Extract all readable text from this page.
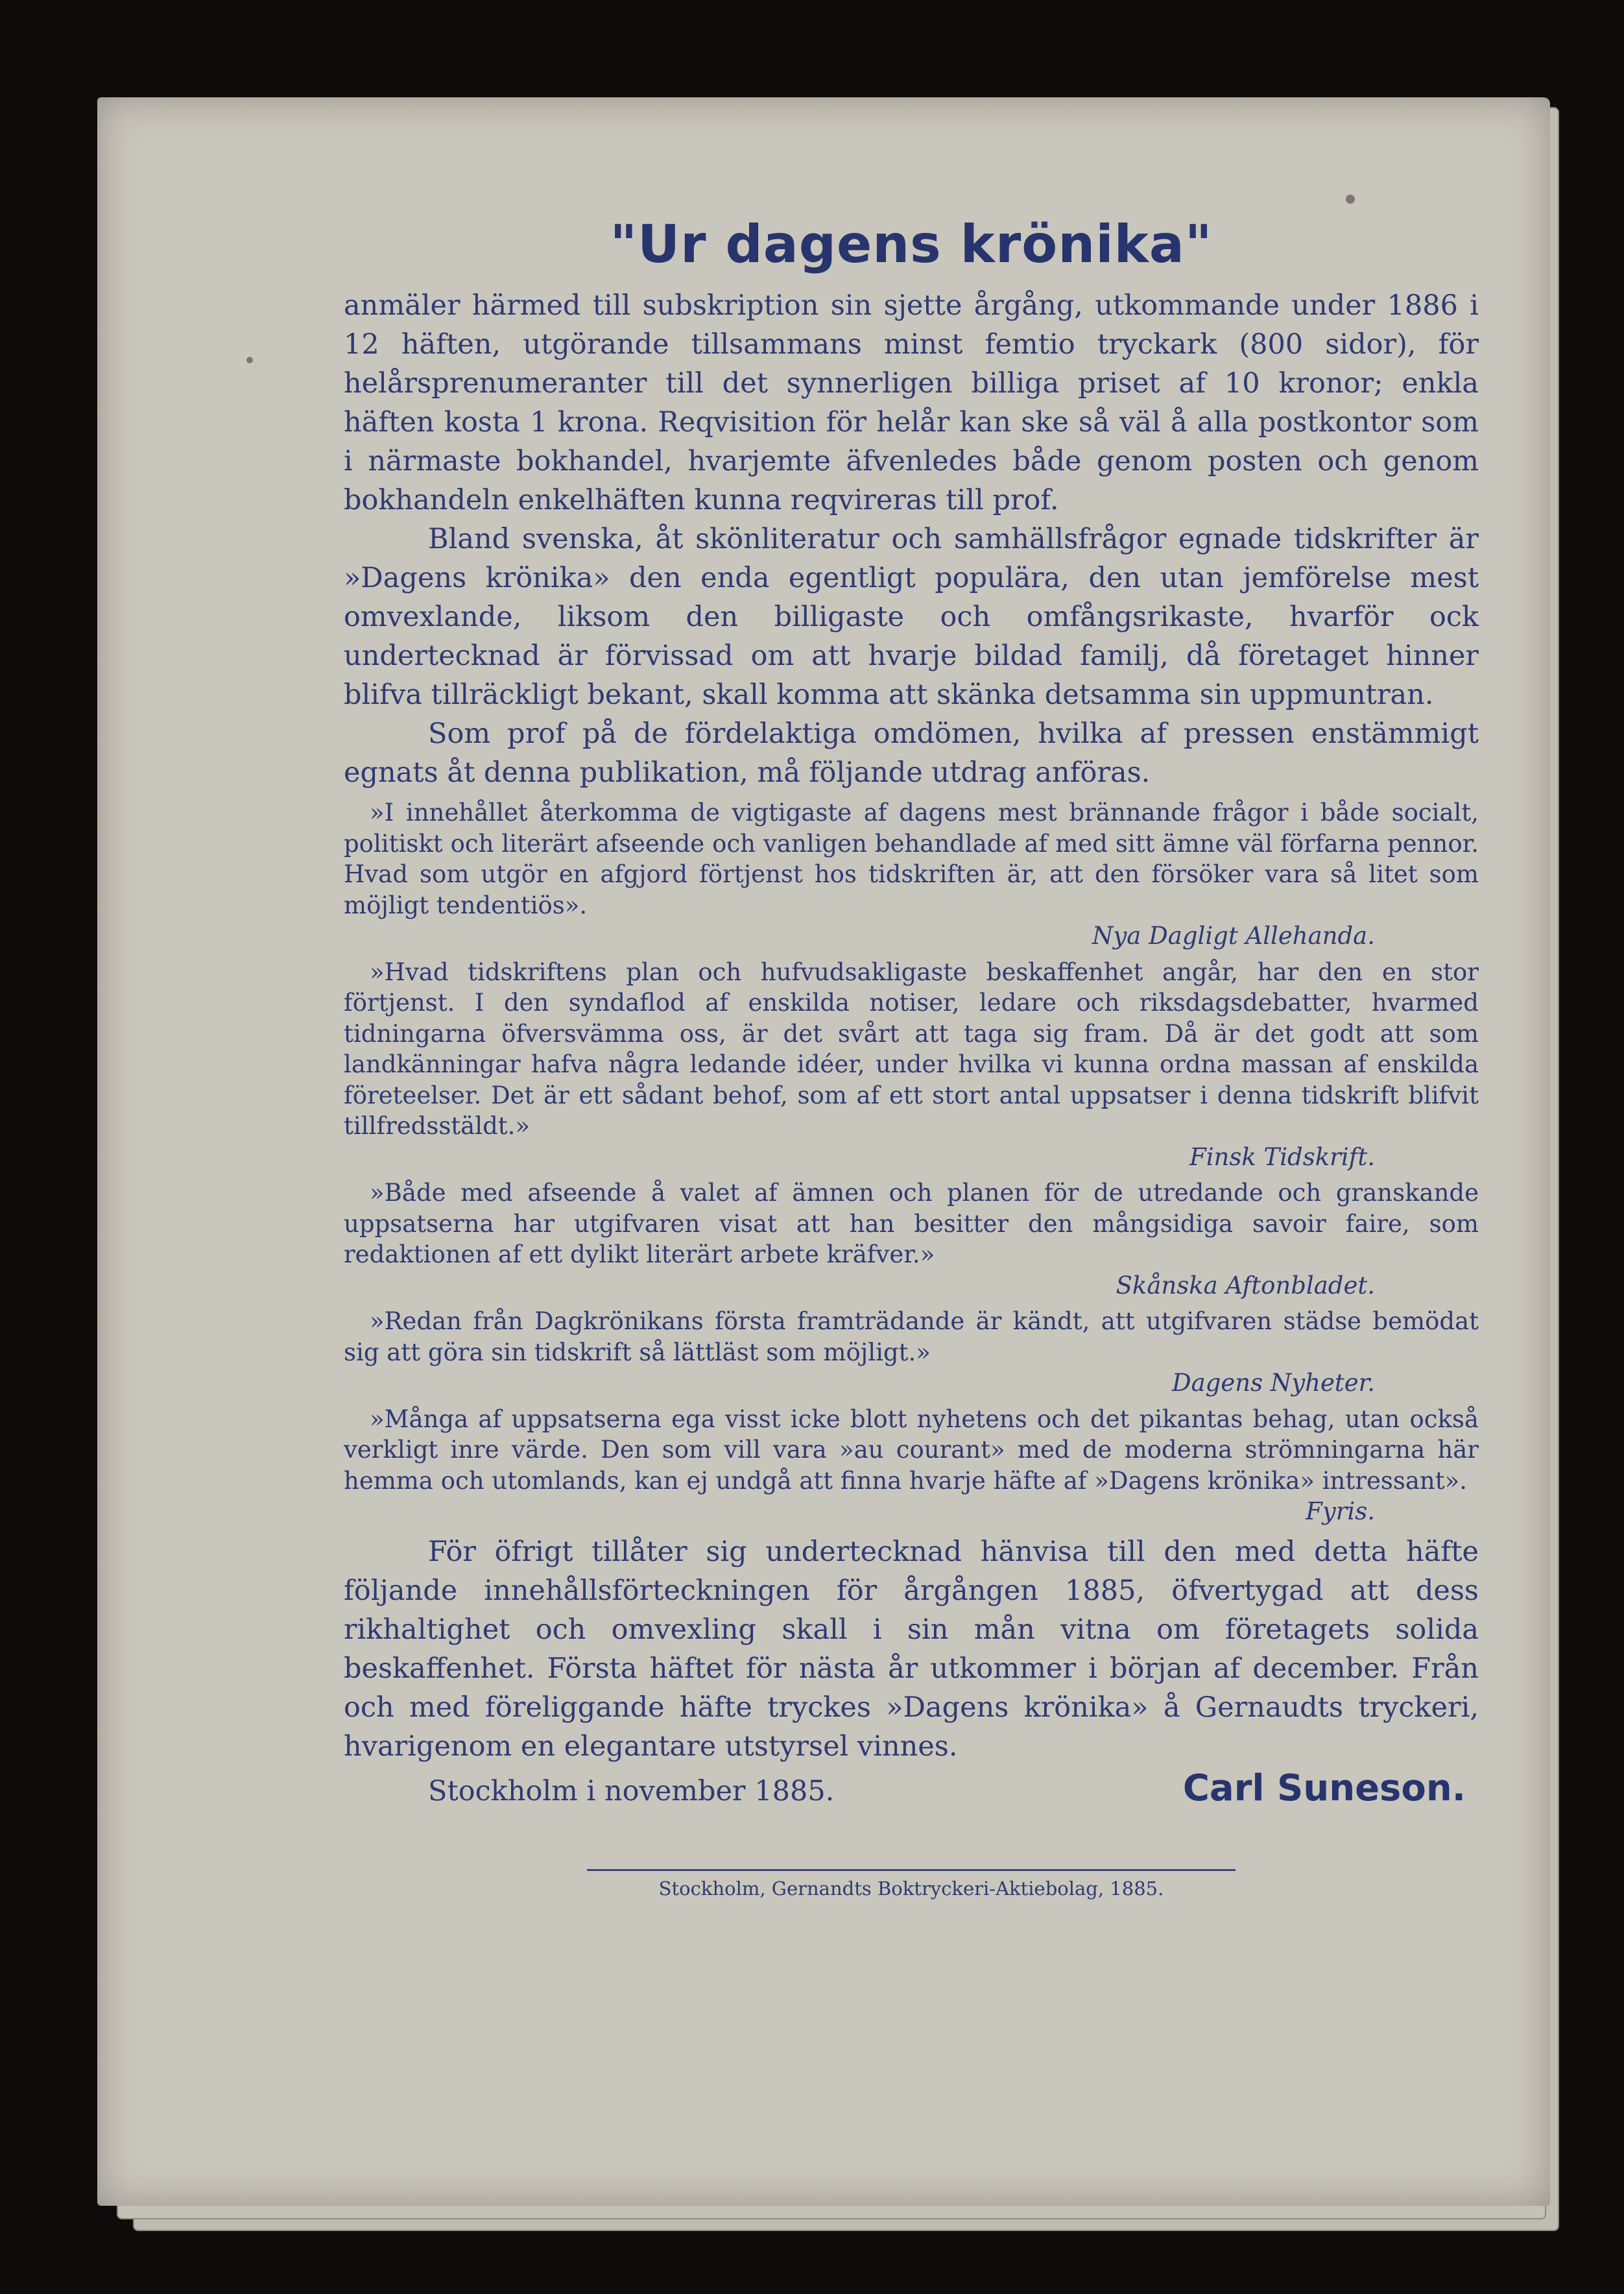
"Ur dagens krönika"

anmäler härmed till subskription sin sjette årgång, utkommande under 1886 i 12 häften, utgörande tillsammans minst femtio tryckark (800 sidor), för helårsprenumeranter till det synnerligen billiga priset af 10 kronor; enkla häften kosta 1 krona. Reqvisition för helår kan ske så väl å alla postkontor som i närmaste bokhandel, hvarjemte äfvenledes både genom posten och genom bokhandeln enkelhäften kunna reqvireras till prof.

Bland svenska, åt skönliteratur och samhällsfrågor egnade tidskrifter är »Dagens krönika» den enda egentligt populära, den utan jemförelse mest omvexlande, liksom den billigaste och omfångsrikaste, hvarför ock undertecknad är förvissad om att hvarje bildad familj, då företaget hinner blifva tillräckligt bekant, skall komma att skänka detsamma sin uppmuntran.

Som prof på de fördelaktiga omdömen, hvilka af pressen enstämmigt egnats åt denna publikation, må följande utdrag anföras.

»I innehållet återkomma de vigtigaste af dagens mest brännande frågor i både socialt, politiskt och literärt afseende och vanligen behandlade af med sitt ämne väl förfarna pennor. Hvad som utgör en afgjord förtjenst hos tidskriften är, att den försöker vara så litet som möjligt tendentiös».

Nya Dagligt Allehanda.

»Hvad tidskriftens plan och hufvudsakligaste beskaffenhet angår, har den en stor förtjenst. I den syndaflod af enskilda notiser, ledare och riksdagsdebatter, hvarmed tidningarna öfversvämma oss, är det svårt att taga sig fram. Då är det godt att som landkänningar hafva några ledande idéer, under hvilka vi kunna ordna massan af enskilda företeelser. Det är ett sådant behof, som af ett stort antal uppsatser i denna tidskrift blifvit tillfredsstäldt.»

Finsk Tidskrift.

»Både med afseende å valet af ämnen och planen för de utredande och granskande uppsatserna har utgifvaren visat att han besitter den mångsidiga savoir faire, som redaktionen af ett dylikt literärt arbete kräfver.»

Skånska Aftonbladet.

»Redan från Dagkrönikans första framträdande är kändt, att utgifvaren städse bemödat sig att göra sin tidskrift så lättläst som möjligt.»

Dagens Nyheter.

»Många af uppsatserna ega visst icke blott nyhetens och det pikantas behag, utan också verkligt inre värde. Den som vill vara »au courant» med de moderna strömningarna här hemma och utomlands, kan ej undgå att finna hvarje häfte af »Dagens krönika» intressant».

Fyris.

För öfrigt tillåter sig undertecknad hänvisa till den med detta häfte följande innehållsförteckningen för årgången 1885, öfvertygad att dess rikhaltighet och omvexling skall i sin mån vitna om företagets solida beskaffenhet. Första häftet för nästa år utkommer i början af december. Från och med föreliggande häfte tryckes »Dagens krönika» å Gernaudts tryckeri, hvarigenom en elegantare utstyrsel vinnes.

Stockholm i november 1885.	Carl Suneson.

Stockholm, Gernandts Boktryckeri-Aktiebolag, 1885.
